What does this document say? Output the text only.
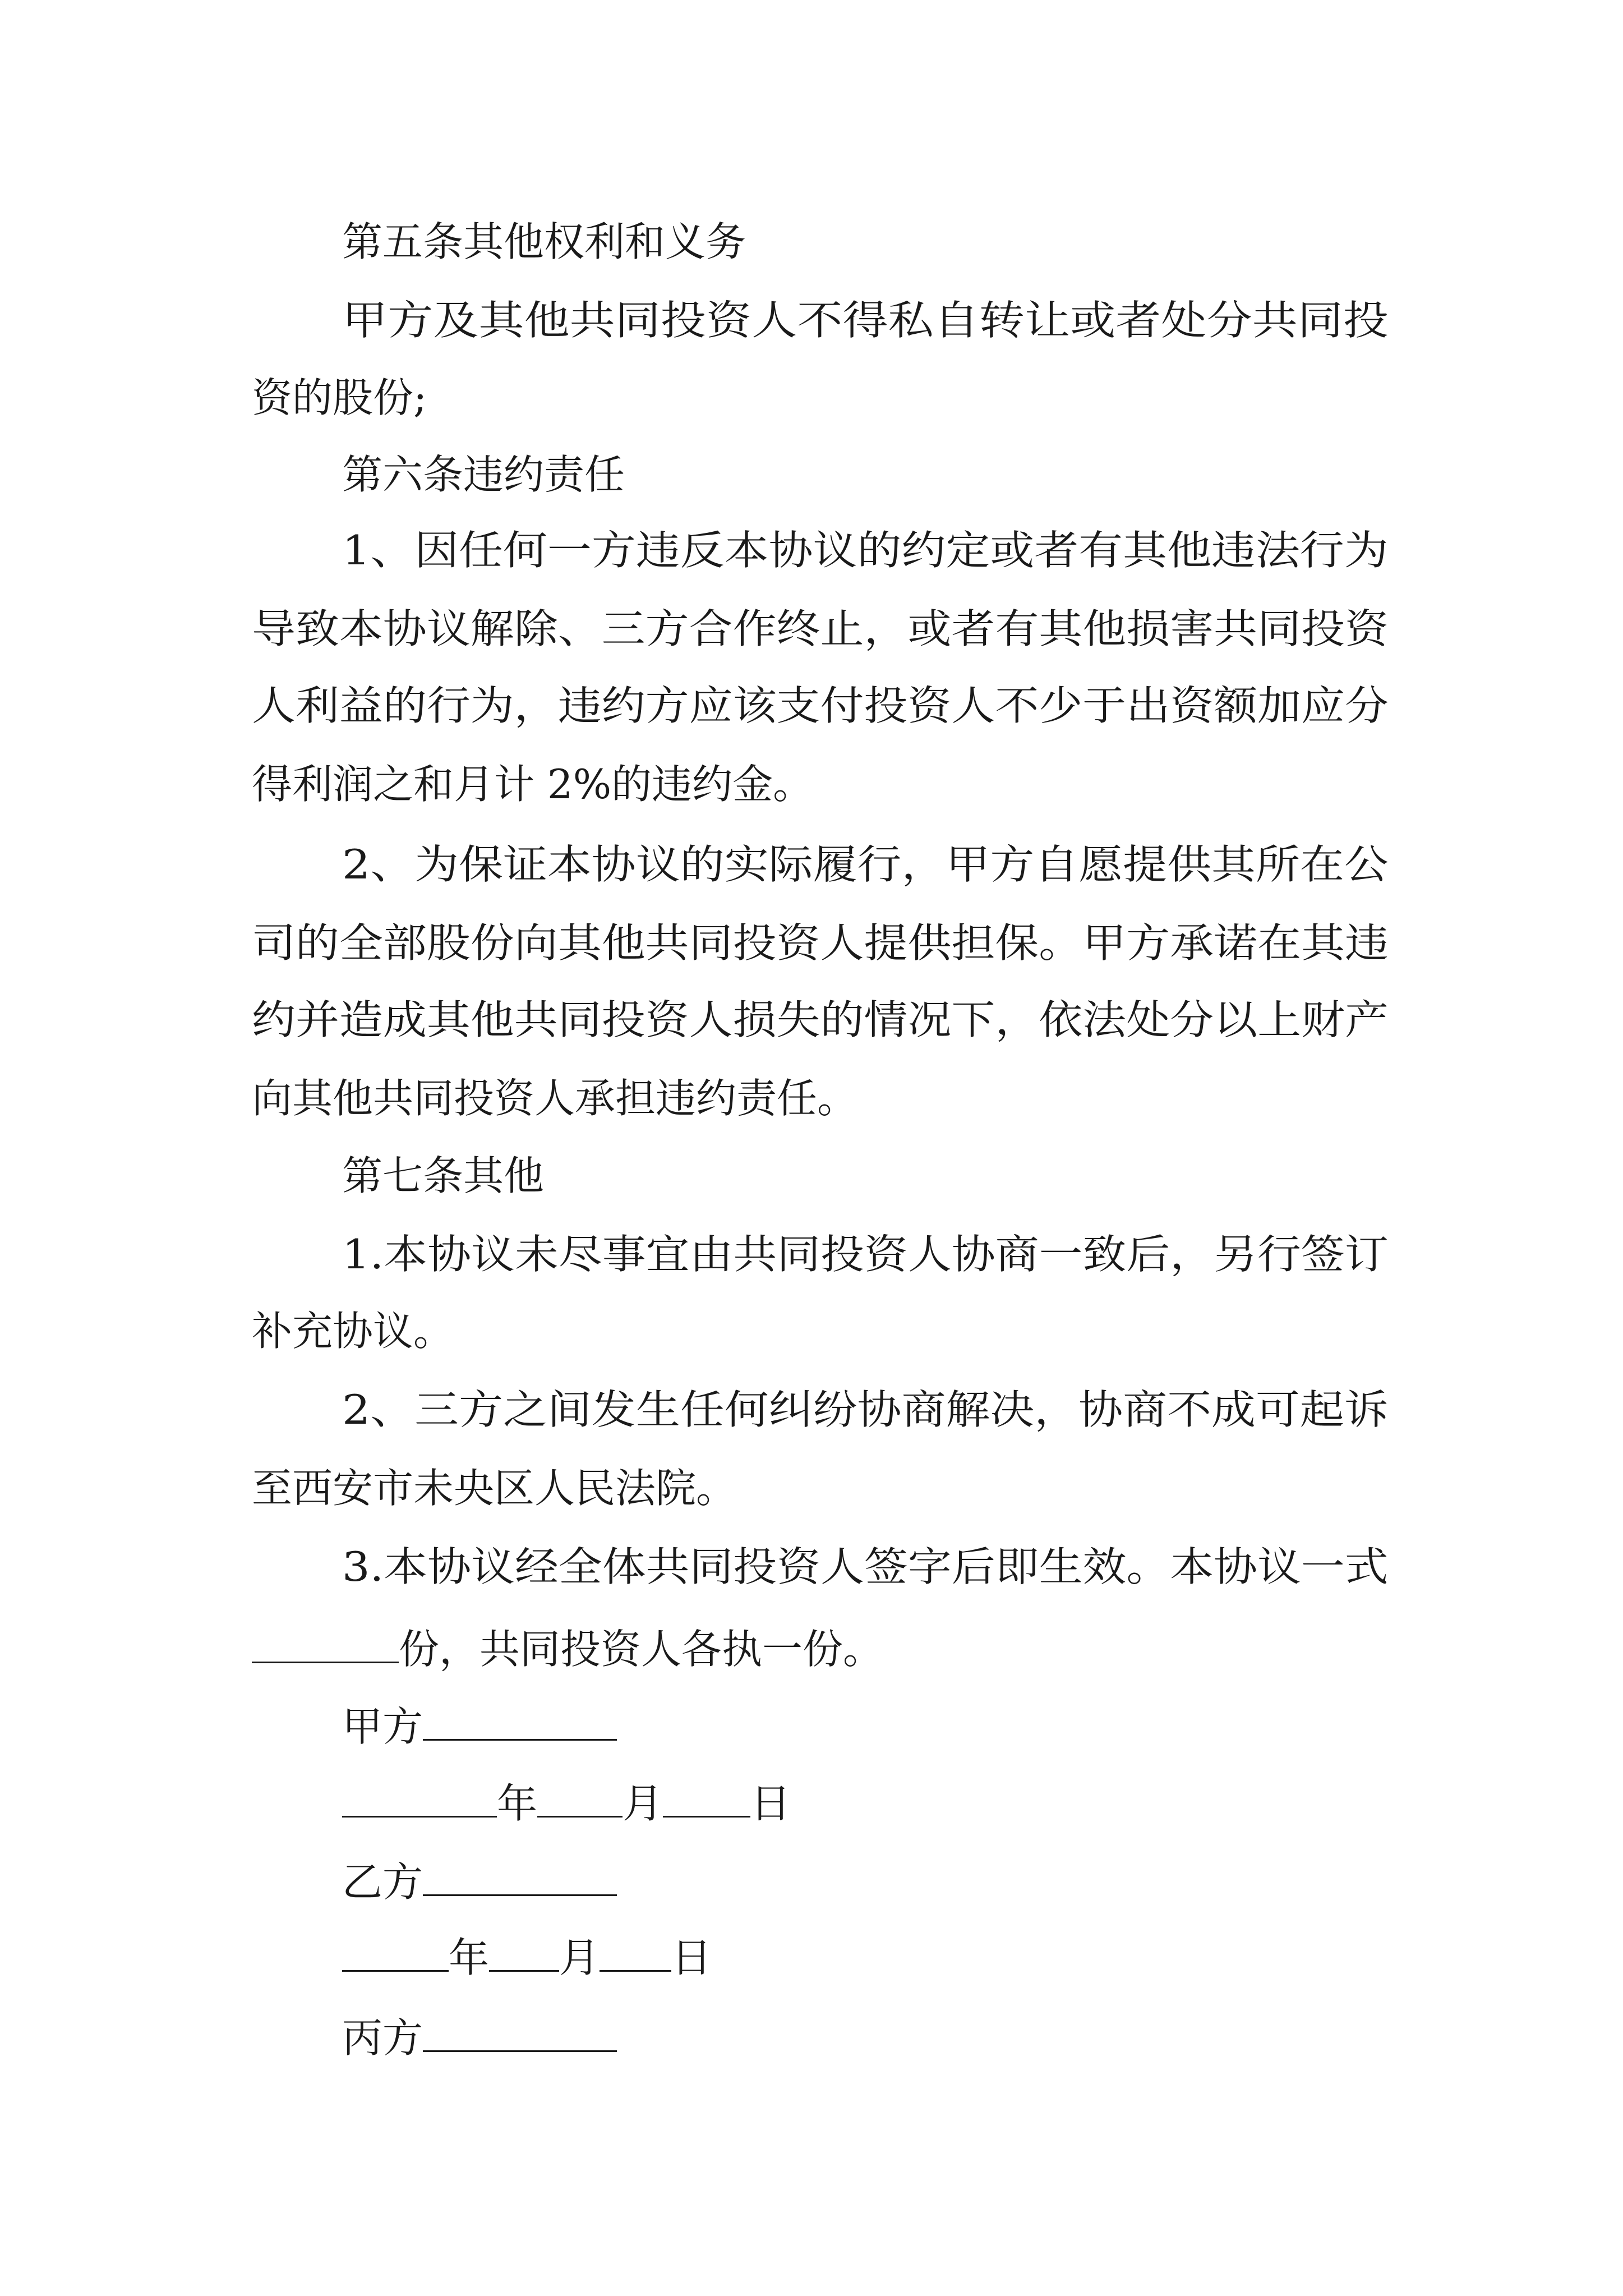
第五条其他权利和义务
甲方及其他共同投资人不得私自转让或者处分共同投
资的股份;
第六条违约责任
1、因任何一方违反本协议的约定或者有其他违法行为
导致本协议解除、三方合作终止，或者有其他损害共同投资
人利益的行为，违约方应该支付投资人不少于出资额加应分
得利润之和月计 2%的违约金。
2、为保证本协议的实际履行，甲方自愿提供其所在公
司的全部股份向其他共同投资人提供担保。甲方承诺在其违
约并造成其他共同投资人损失的情况下，依法处分以上财产
向其他共同投资人承担违约责任。
第七条其他
1.本协议未尽事宜由共同投资人协商一致后，另行签订
补充协议。
2、三方之间发生任何纠纷协商解决，协商不成可起诉
至西安市未央区人民法院。
3.本协议经全体共同投资人签字后即生效。本协议一式
份，共同投资人各执一份。
甲方
年 月 日
乙方
年 月 日
丙方
